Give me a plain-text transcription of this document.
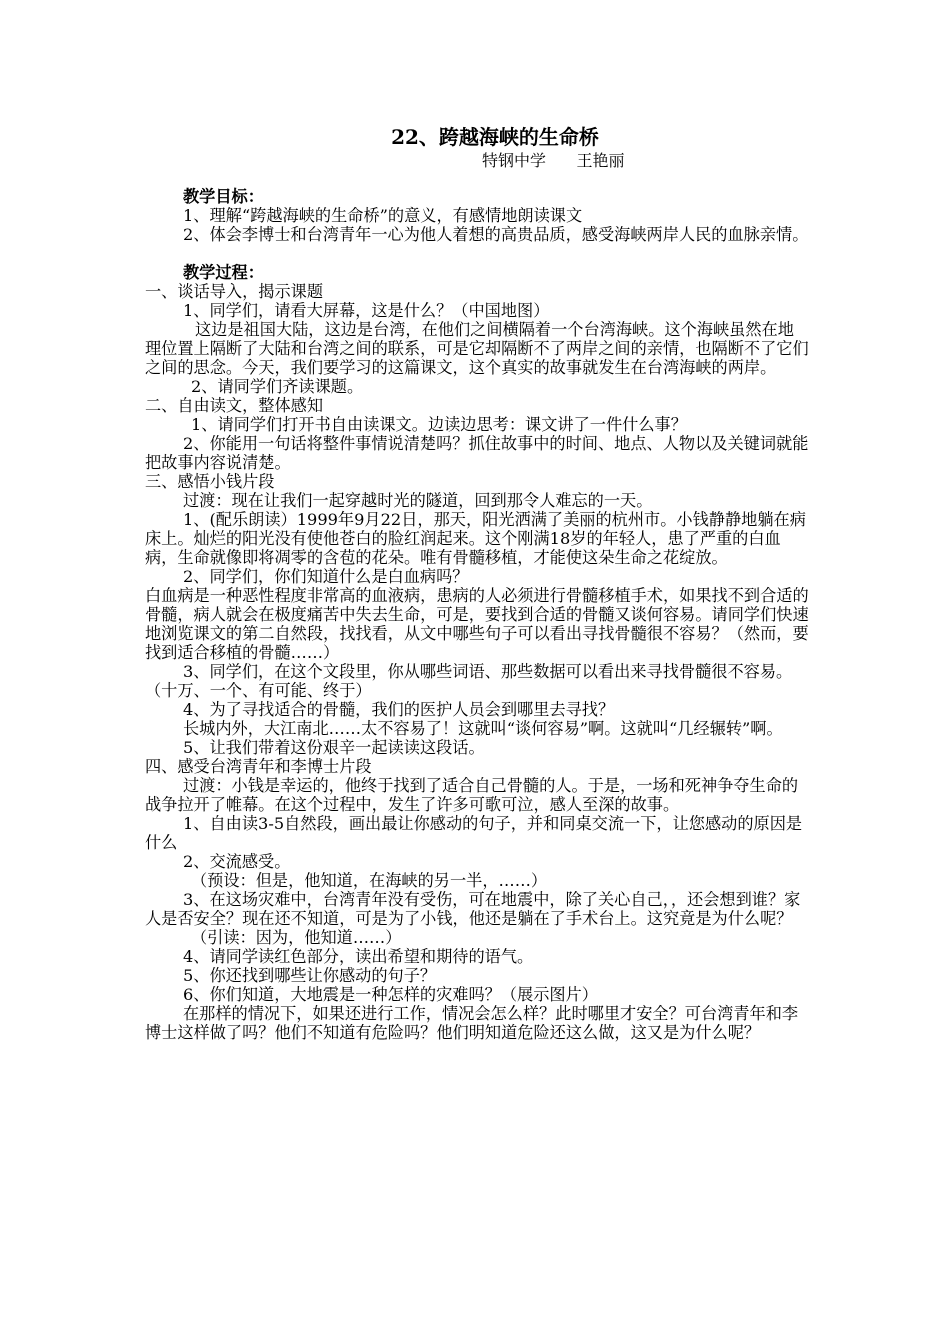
22、跨越海峡的生命桥
特钢中学      王艳丽

教学目标：

1、理解“跨越海峡的生命桥”的意义，有感情地朗读课文

2、体会李博士和台湾青年一心为他人着想的高贵品质，感受海峡两岸人民的血脉亲情。

教学过程：

一、谈话导入，揭示课题

1、同学们，请看大屏幕，这是什么？（中国地图）

这边是祖国大陆，这边是台湾，在他们之间横隔着一个台湾海峡。这个海峡虽然在地理位置上隔断了大陆和台湾之间的联系，可是它却隔断不了两岸之间的亲情，也隔断不了它们之间的思念。今天，我们要学习的这篇课文，这个真实的故事就发生在台湾海峡的两岸。

2、请同学们齐读课题。

二、自由读文，整体感知

1、请同学们打开书自由读课文。边读边思考：课文讲了一件什么事？

2、你能用一句话将整件事情说清楚吗？抓住故事中的时间、地点、人物以及关键词就能把故事内容说清楚。

三、感悟小钱片段

过渡：现在让我们一起穿越时光的隧道，回到那令人难忘的一天。

1、(配乐朗读）1999年9月22日，那天，阳光洒满了美丽的杭州市。小钱静静地躺在病床上。灿烂的阳光没有使他苍白的脸红润起来。这个刚满18岁的年轻人，患了严重的白血病，生命就像即将凋零的含苞的花朵。唯有骨髓移植，才能使这朵生命之花绽放。

2、同学们，你们知道什么是白血病吗？

白血病是一种恶性程度非常高的血液病，患病的人必须进行骨髓移植手术，如果找不到合适的骨髓，病人就会在极度痛苦中失去生命，可是，要找到合适的骨髓又谈何容易。请同学们快速地浏览课文的第二自然段，找找看，从文中哪些句子可以看出寻找骨髓很不容易？（然而，要找到适合移植的骨髓……）

3、同学们，在这个文段里，你从哪些词语、那些数据可以看出来寻找骨髓很不容易。（十万、一个、有可能、终于）

4、为了寻找适合的骨髓，我们的医护人员会到哪里去寻找？

长城内外，大江南北……太不容易了！这就叫“谈何容易”啊。这就叫“几经辗转”啊。

5、让我们带着这份艰辛一起读读这段话。

四、感受台湾青年和李博士片段

过渡：小钱是幸运的，他终于找到了适合自己骨髓的人。于是，一场和死神争夺生命的战争拉开了帷幕。在这个过程中，发生了许多可歌可泣，感人至深的故事。

1、自由读3-5自然段，画出最让你感动的句子，并和同桌交流一下，让您感动的原因是什么

2、交流感受。

（预设：但是，他知道，在海峡的另一半，……）

3、在这场灾难中，台湾青年没有受伤，可在地震中，除了关心自己，，还会想到谁？家人是否安全？现在还不知道，可是为了小钱，他还是躺在了手术台上。这究竟是为什么呢？

（引读：因为，他知道……）

4、请同学读红色部分，读出希望和期待的语气。

5、你还找到哪些让你感动的句子？

6、你们知道，大地震是一种怎样的灾难吗？（展示图片）

在那样的情况下，如果还进行工作，情况会怎么样？此时哪里才安全？可台湾青年和李博士这样做了吗？他们不知道有危险吗？他们明知道危险还这么做，这又是为什么呢？
